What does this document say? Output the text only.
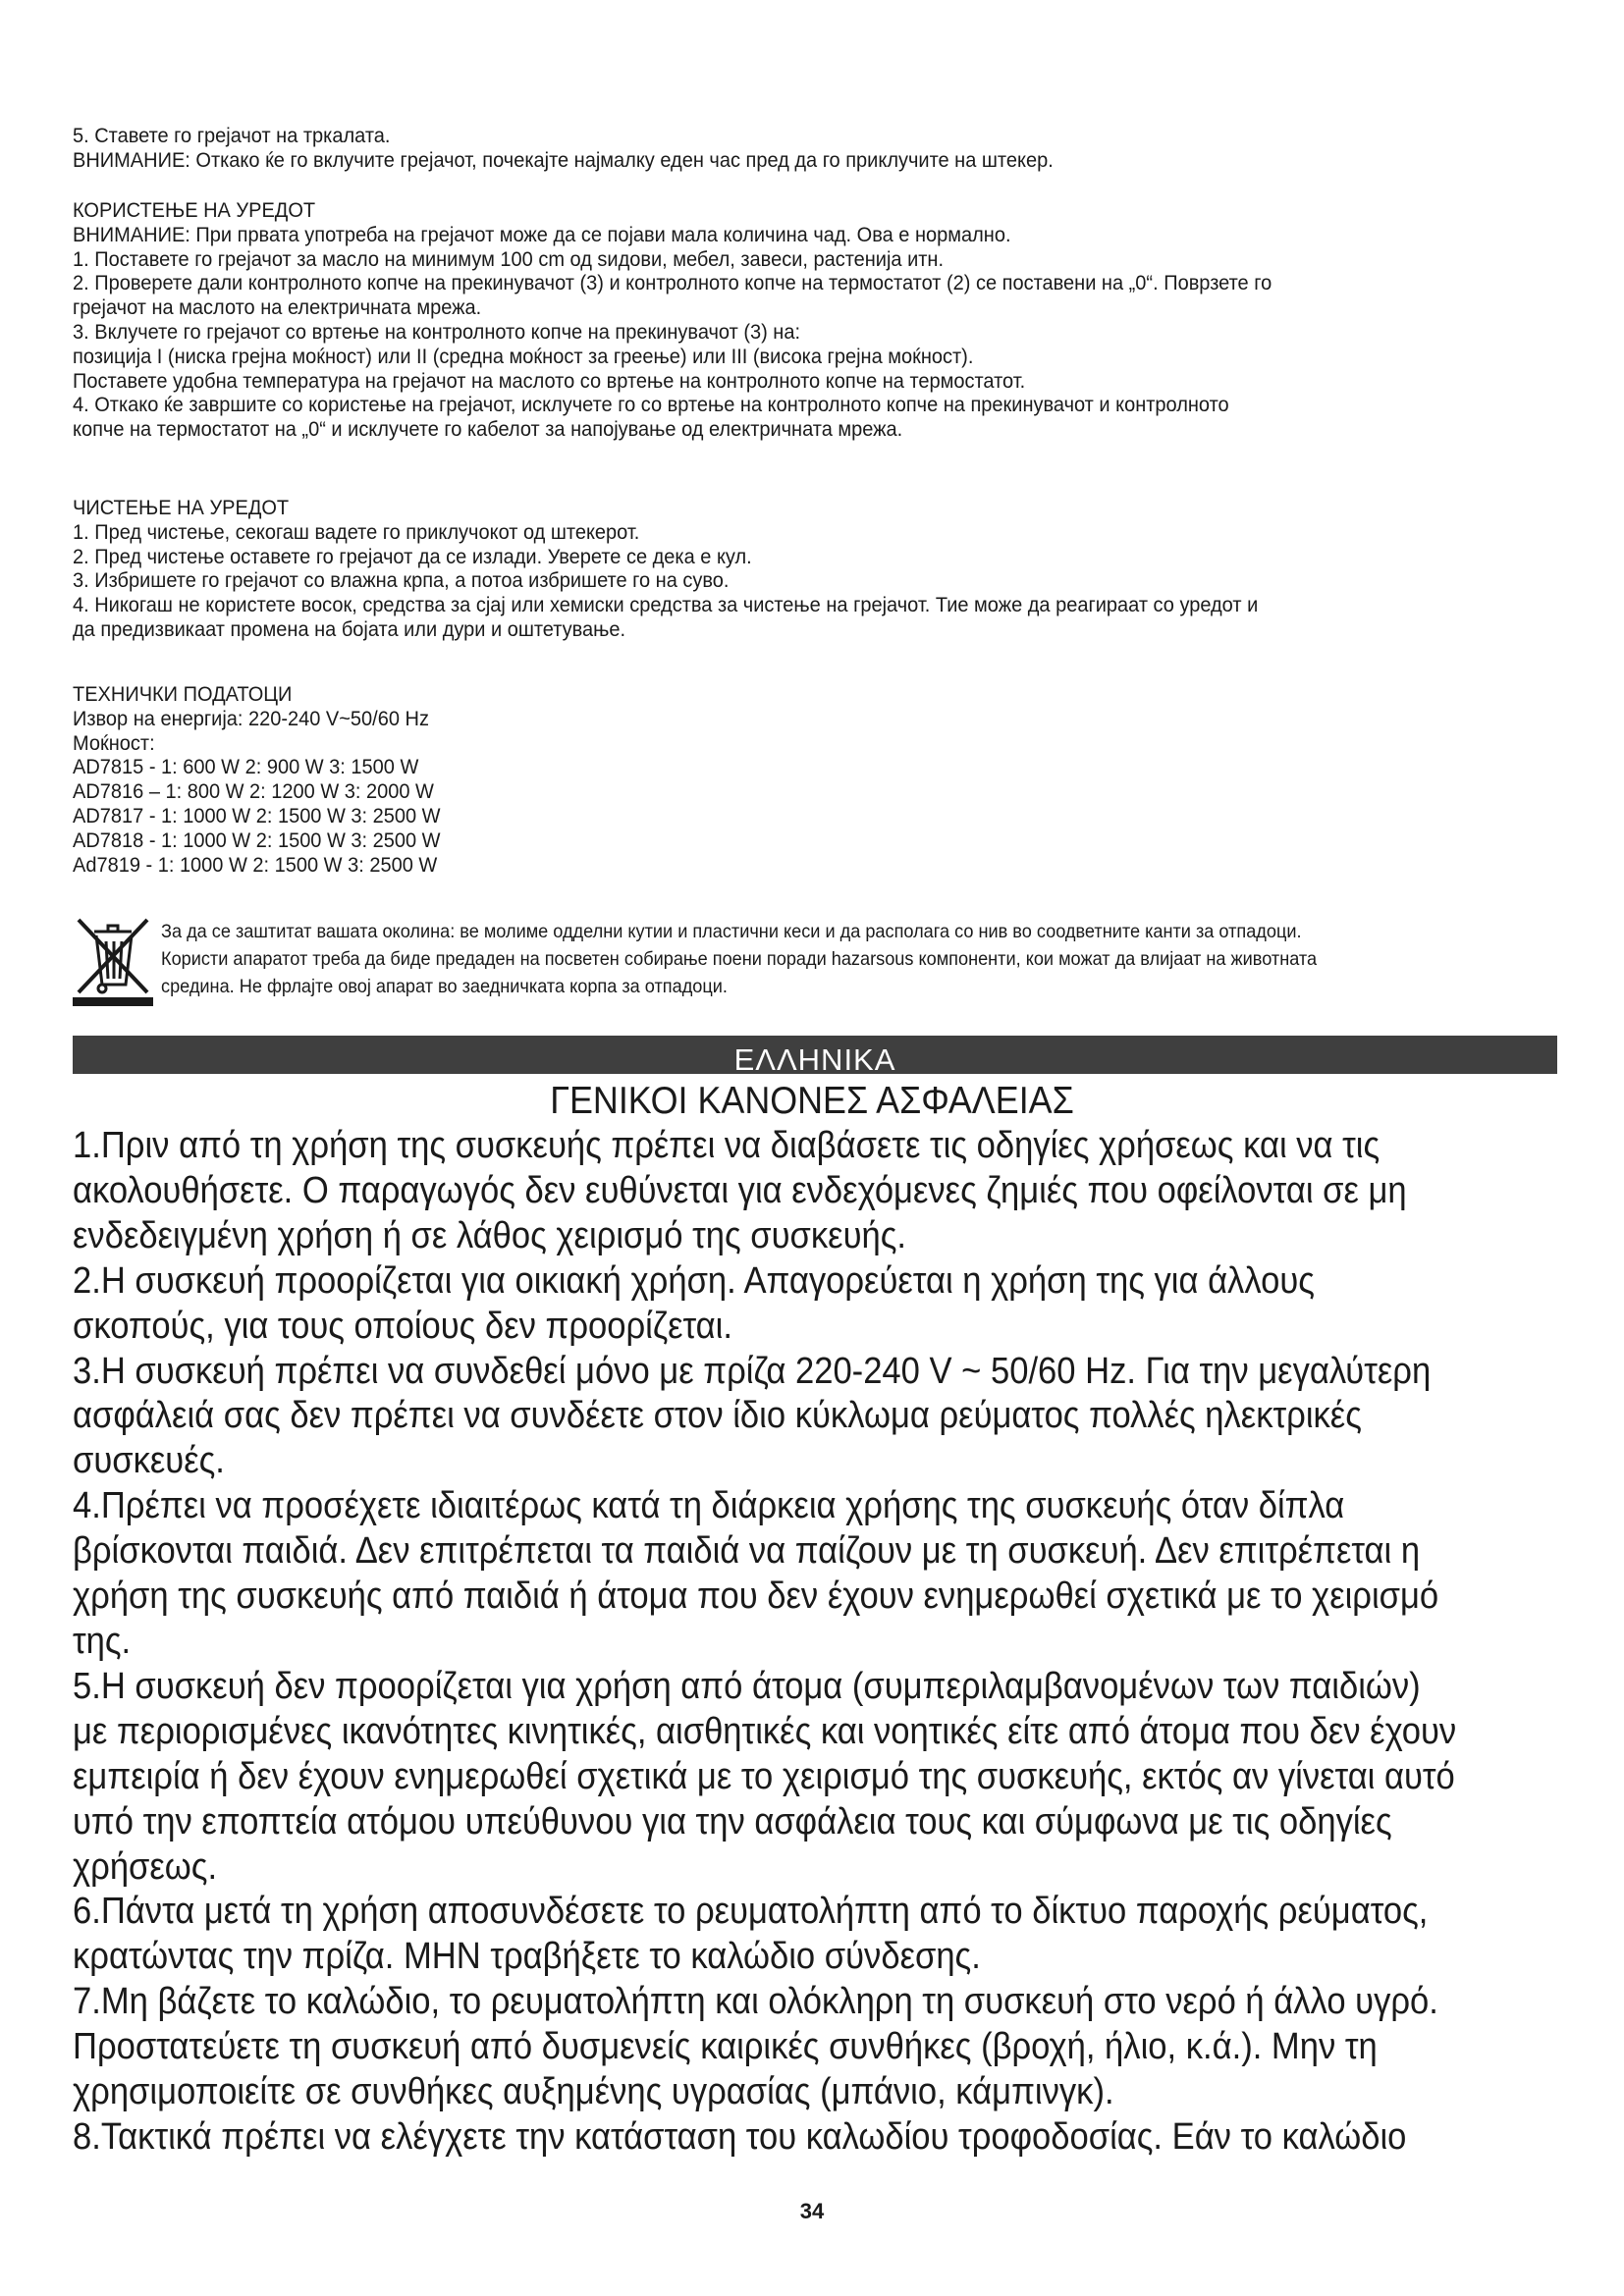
5. Ставете го грејачот на тркалата.

ВНИМАНИЕ: Откако ќе го вклучите грејачот, почекајте најмалку еден час пред да го приклучите на штекер.

КОРИСТЕЊЕ НА УРЕДОТ

ВНИМАНИЕ: При првата употреба на грејачот може да се појави мала количина чад. Ова е нормално.

1. Поставете го грејачот за масло на минимум 100 cm од ѕидови, мебел, завеси, растенија итн.

2. Проверете дали контролното копче на прекинувачот (3) и контролното копче на термостатот (2) се поставени на „0“. Поврзете го

грејачот на маслото на електричната мрежа.

3. Вклучете го грејачот со вртење на контролното копче на прекинувачот (3) на:

позиција I (ниска грејна моќност) или II (средна моќност за греење) или III (висока грејна моќност).

Поставете удобна температура на грејачот на маслото со вртење на контролното копче на термостатот.

4. Откако ќе завршите со користење на грејачот, исклучете го со вртење на контролното копче на прекинувачот и контролното

копче на термостатот на „0“ и исклучете го кабелот за напојување од електричната мрежа.

ЧИСТЕЊЕ НА УРЕДОТ

1. Пред чистење, секогаш вадете го приклучокот од штекерот.

2. Пред чистење оставете го грејачот да се излади. Уверете се дека е кул.

3. Избришете го грејачот со влажна крпа, а потоа избришете го на суво.

4. Никогаш не користете восок, средства за сјај или хемиски средства за чистење на грејачот. Тие може да реагираат со уредот и

да предизвикаат промена на бојата или дури и оштетување.

ТЕХНИЧКИ ПОДАТОЦИ

Извор на енергија: 220-240 V~50/60 Hz

Моќност:

AD7815 - 1: 600 W 2: 900 W 3: 1500 W

AD7816 – 1: 800 W 2: 1200 W 3: 2000 W

AD7817 - 1: 1000 W 2: 1500 W 3: 2500 W

AD7818 - 1: 1000 W 2: 1500 W 3: 2500 W

Ad7819 - 1: 1000 W 2: 1500 W 3: 2500 W

За да се заштитат вашата околина: ве молиме одделни кутии и пластични кеси и да располага со нив во соодветните канти за отпадоци.

Користи апаратот треба да биде предаден на посветен собирање поени поради hazarsous компоненти, кои можат да влијаат на животната

средина. Не фрлајте овој апарат во заедничката корпа за отпадоци.

ΕΛΛΗΝΙΚΑ

ΓΕΝΙΚΟΙ ΚΑΝΟΝΕΣ ΑΣΦΑΛΕΙΑΣ

1.Πριν από τη χρήση της συσκευής πρέπει να διαβάσετε τις οδηγίες χρήσεως και να τις

ακολουθήσετε. Ο παραγωγός δεν ευθύνεται για ενδεχόμενες ζημιές που οφείλονται σε μη

ενδεδειγμένη χρήση ή σε λάθος χειρισμό της συσκευής.

2.Η συσκευή προορίζεται για οικιακή χρήση. Απαγορεύεται η χρήση της για άλλους

σκοπούς, για τους οποίους δεν προορίζεται.

3.Η συσκευή πρέπει να συνδεθεί μόνο με πρίζα 220-240 V ~ 50/60 Hz. Για την μεγαλύτερη

ασφάλειά σας δεν πρέπει να συνδέετε στον ίδιο κύκλωμα ρεύματος πολλές ηλεκτρικές

συσκευές.

4.Πρέπει να προσέχετε ιδιαιτέρως κατά τη διάρκεια χρήσης της συσκευής όταν δίπλα

βρίσκονται παιδιά. Δεν επιτρέπεται τα παιδιά να παίζουν με τη συσκευή. Δεν επιτρέπεται η

χρήση της συσκευής από παιδιά ή άτομα που δεν έχουν ενημερωθεί σχετικά με το χειρισμό

της.

5.Η συσκευή δεν προορίζεται για χρήση από άτομα (συμπεριλαμβανομένων των παιδιών)

με περιορισμένες ικανότητες κινητικές, αισθητικές και νοητικές είτε από άτομα που δεν έχουν

εμπειρία ή δεν έχουν ενημερωθεί σχετικά με το χειρισμό της συσκευής, εκτός αν γίνεται αυτό

υπό την εποπτεία ατόμου υπεύθυνου για την ασφάλεια τους και σύμφωνα με τις οδηγίες

χρήσεως.

6.Πάντα μετά τη χρήση αποσυνδέσετε το ρευματολήπτη από το δίκτυο παροχής ρεύματος,

κρατώντας την πρίζα. ΜΗΝ τραβήξετε το καλώδιο σύνδεσης.

7.Μη βάζετε το καλώδιο, το ρευματολήπτη και ολόκληρη τη συσκευή στο νερό ή άλλο υγρό.

Προστατεύετε τη συσκευή από δυσμενείς καιρικές συνθήκες (βροχή, ήλιο, κ.ά.). Μην τη

χρησιμοποιείτε σε συνθήκες αυξημένης υγρασίας (μπάνιο, κάμπινγκ).

8.Τακτικά πρέπει να ελέγχετε την κατάσταση του καλωδίου τροφοδοσίας. Εάν το καλώδιο

34
